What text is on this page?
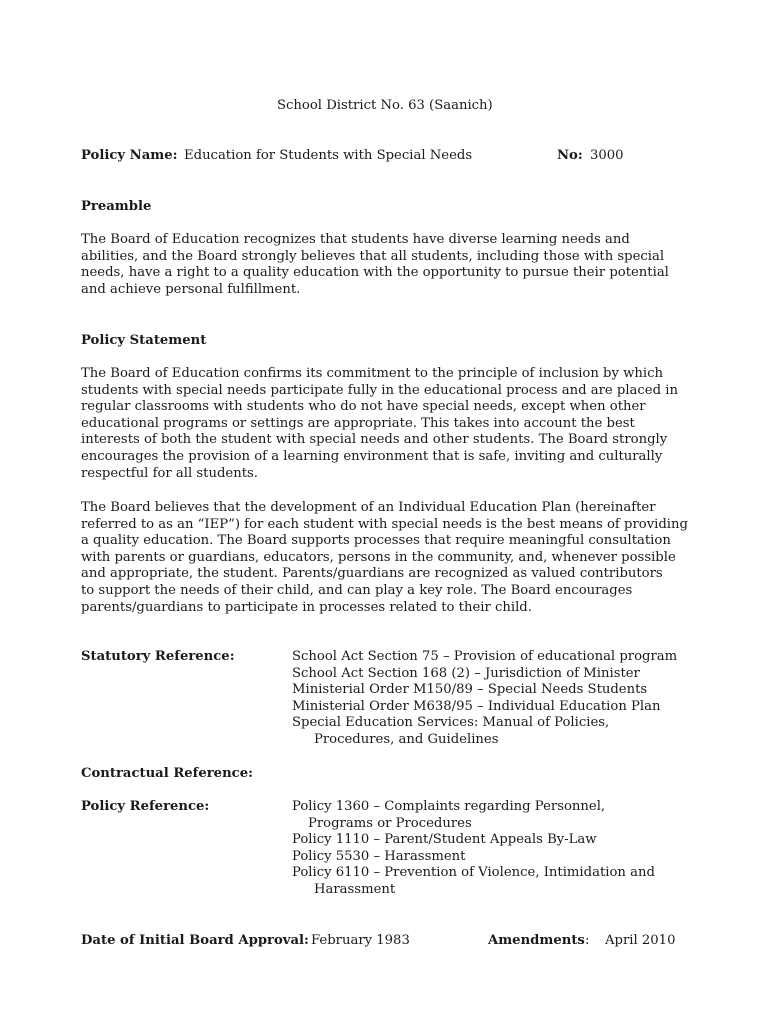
School District No. 63 (Saanich)
Policy Name: Education for Students with Special Needs	No: 3000
Preamble
The Board of Education recognizes that students have diverse learning needs and
abilities, and the Board strongly believes that all students, including those with special
needs, have a right to a quality education with the opportunity to pursue their potential
and achieve personal fulfillment.
Policy Statement
The Board of Education confirms its commitment to the principle of inclusion by which
students with special needs participate fully in the educational process and are placed in
regular classrooms with students who do not have special needs, except when other
educational programs or settings are appropriate. This takes into account the best
interests of both the student with special needs and other students. The Board strongly
encourages the provision of a learning environment that is safe, inviting and culturally
respectful for all students.
The Board believes that the development of an Individual Education Plan (hereinafter
referred to as an “IEP”) for each student with special needs is the best means of providing
a quality education. The Board supports processes that require meaningful consultation
with parents or guardians, educators, persons in the community, and, whenever possible
and appropriate, the student. Parents/guardians are recognized as valued contributors
to support the needs of their child, and can play a key role. The Board encourages
parents/guardians to participate in processes related to their child.
Statutory Reference:	School Act Section 75 – Provision of educational program
School Act Section 168 (2) – Jurisdiction of Minister
Ministerial Order M150/89 – Special Needs Students
Ministerial Order M638/95 – Individual Education Plan
Special Education Services: Manual of Policies,
Procedures, and Guidelines
Contractual Reference:
Policy Reference:	Policy 1360 – Complaints regarding Personnel,
Programs or Procedures
Policy 1110 – Parent/Student Appeals By-Law
Policy 5530 – Harassment
Policy 6110 – Prevention of Violence, Intimidation and
Harassment
Date of Initial Board Approval: February 1983	Amendments : April 2010
